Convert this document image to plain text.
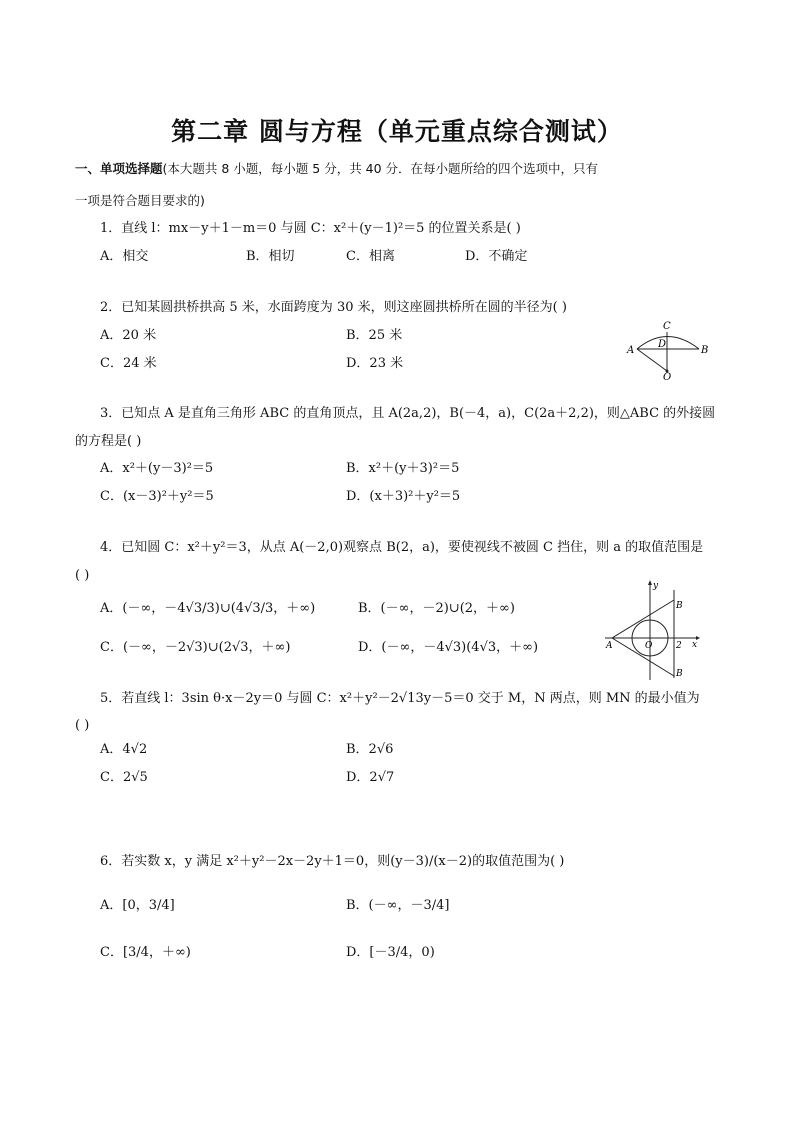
第二章 圆与方程（单元重点综合测试）
一、单项选择题(本大题共 8 小题，每小题 5 分，共 40 分．在每小题所给的四个选项中，只有
一项是符合题目要求的)
1．直线 l：mx－y＋1－m＝0 与圆 C：x²＋(y－1)²＝5 的位置关系是( )
A．相交	B．相切	C．相离	D．不确定
2．已知某圆拱桥拱高 5 米，水面跨度为 30 米，则这座圆拱桥所在圆的半径为( )
A．20 米	B．25 米
C．24 米	D．23 米
A	B
C
D
O
3．已知点 A 是直角三角形 ABC 的直角顶点，且 A(2a,2)，B(－4，a)，C(2a＋2,2)，则△ABC 的外接圆
的方程是( )
A．x²＋(y－3)²＝5	B．x²＋(y＋3)²＝5
C．(x－3)²＋y²＝5	D．(x＋3)²＋y²＝5
4．已知圆 C：x²＋y²＝3，从点 A(－2,0)观察点 B(2，a)，要使视线不被圆 C 挡住，则 a 的取值范围是
( )
A．(－∞，－4√3/3)∪(4√3/3，＋∞)	B．(－∞，－2)∪(2，＋∞)
C．(－∞，－2√3)∪(2√3，＋∞)	D．(－∞，－4√3)(4√3，＋∞)
y
x
A	O	2
B
B
5．若直线 l：3sin θ·x－2y＝0 与圆 C：x²＋y²－2√13y－5＝0 交于 M，N 两点，则 MN 的最小值为
( )
A．4√2	B．2√6
C．2√5	D．2√7
6．若实数 x，y 满足 x²＋y²－2x－2y＋1＝0，则(y－3)/(x－2)的取值范围为( )
A．[0，3/4]	B．(－∞，－3/4]
C．[3/4，＋∞)	D．[－3/4，0)
